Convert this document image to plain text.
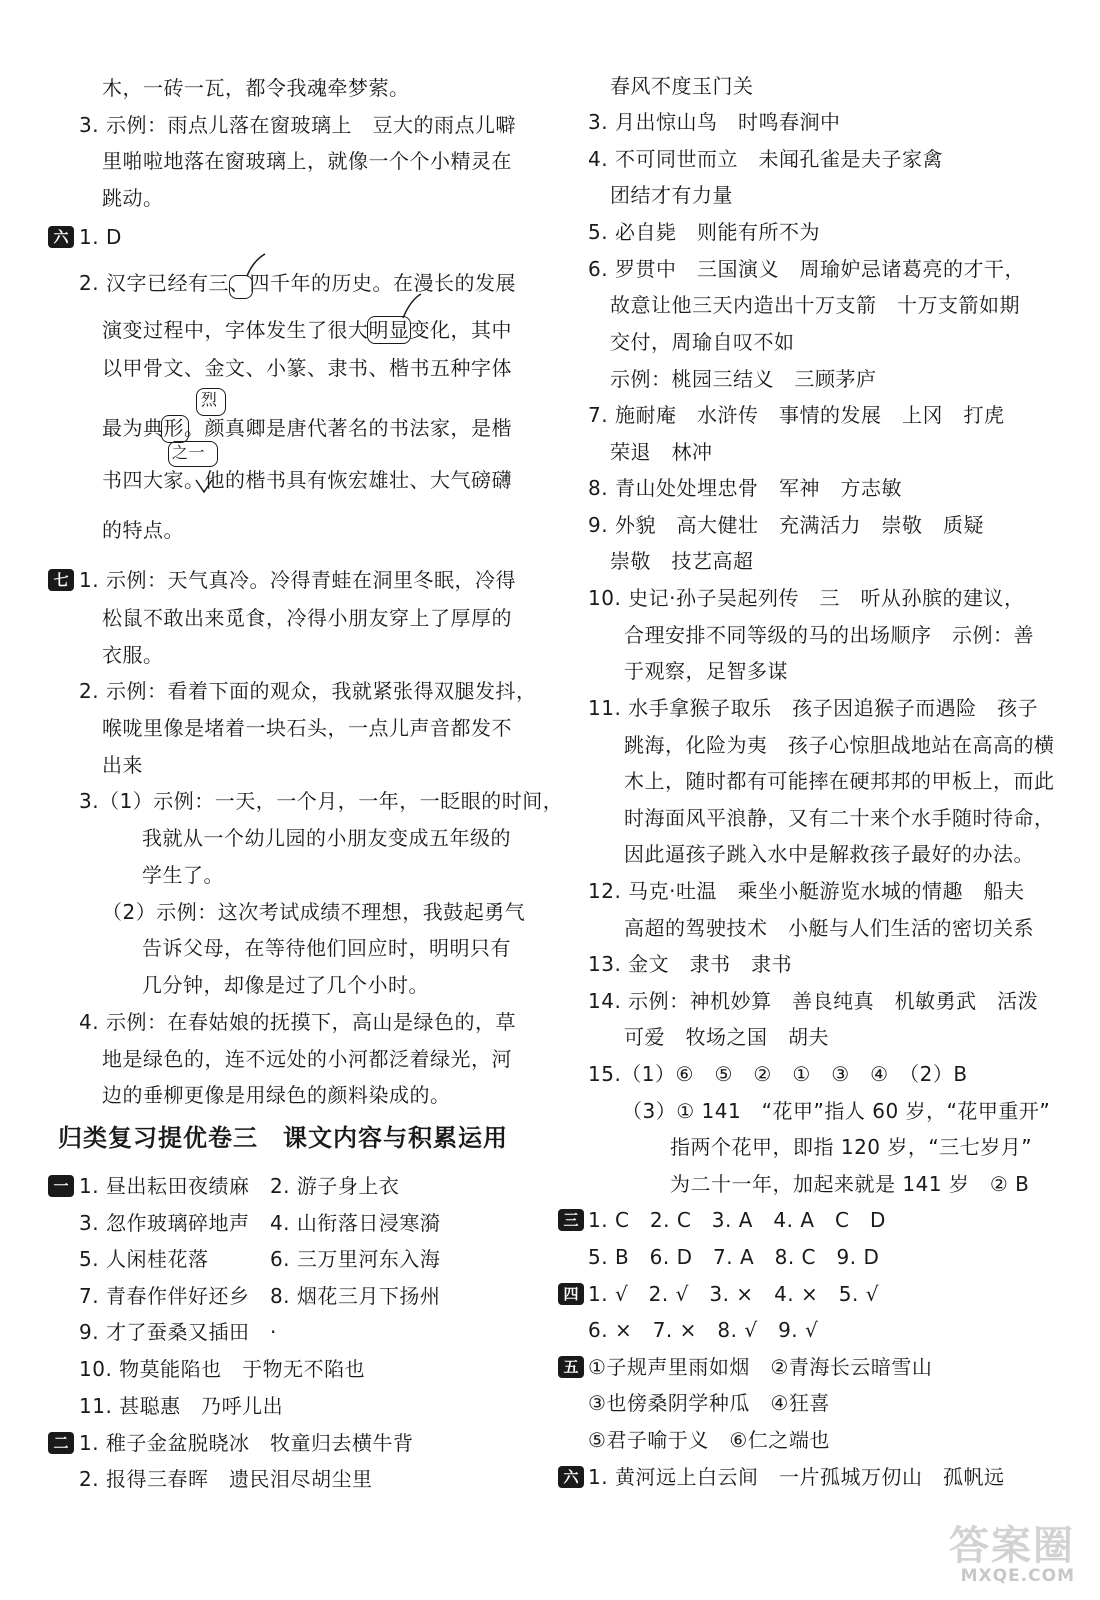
木，一砖一瓦，都令我魂牵梦萦。
3. 示例：雨点儿落在窗玻璃上　豆大的雨点儿噼
里啪啦地落在窗玻璃上，就像一个个小精灵在
跳动。
六 1. D
2. 汉字已经有三、四千年的历史。在漫长的发展
演变过程中，字体发生了很大明显变化，其中
以甲骨文、金文、小篆、隶书、楷书五种字体
最为典形。颜真卿是唐代著名的书法家，是楷
书四大家。他的楷书具有恢宏雄壮、大气磅礴
的特点。
烈
之一
七 1. 示例：天气真冷。冷得青蛙在洞里冬眠，冷得
松鼠不敢出来觅食，冷得小朋友穿上了厚厚的
衣服。
2. 示例：看着下面的观众，我就紧张得双腿发抖，
喉咙里像是堵着一块石头，一点儿声音都发不
出来
3.（1）示例：一天，一个月，一年，一眨眼的时间，
我就从一个幼儿园的小朋友变成五年级的
学生了。
（2）示例：这次考试成绩不理想，我鼓起勇气
告诉父母，在等待他们回应时，明明只有
几分钟，却像是过了几个小时。
4. 示例：在春姑娘的抚摸下，高山是绿色的，草
地是绿色的，连不远处的小河都泛着绿光，河
边的垂柳更像是用绿色的颜料染成的。
归类复习提优卷三　课文内容与积累运用
一 1. 昼出耘田夜绩麻　2. 游子身上衣
3. 忽作玻璃碎地声　4. 山衔落日浸寒漪
5. 人闲桂花落　　　6. 三万里河东入海
7. 青春作伴好还乡　8. 烟花三月下扬州
9. 才了蚕桑又插田　·
10. 物莫能陷也　于物无不陷也
11. 甚聪惠　乃呼儿出
二 1. 稚子金盆脱晓冰　牧童归去横牛背
2. 报得三春晖　遗民泪尽胡尘里
春风不度玉门关
3. 月出惊山鸟　时鸣春涧中
4. 不可同世而立　未闻孔雀是夫子家禽
团结才有力量
5. 必自毙　则能有所不为
6. 罗贯中　三国演义　周瑜妒忌诸葛亮的才干，
故意让他三天内造出十万支箭　十万支箭如期
交付，周瑜自叹不如
示例：桃园三结义　三顾茅庐
7. 施耐庵　水浒传　事情的发展　上冈　打虎
荣退　林冲
8. 青山处处埋忠骨　军神　方志敏
9. 外貌　高大健壮　充满活力　崇敬　质疑
崇敬　技艺高超
10. 史记·孙子吴起列传　三　听从孙膑的建议，
合理安排不同等级的马的出场顺序　示例：善
于观察，足智多谋
11. 水手拿猴子取乐　孩子因追猴子而遇险　孩子
跳海，化险为夷　孩子心惊胆战地站在高高的横
木上，随时都有可能摔在硬邦邦的甲板上，而此
时海面风平浪静，又有二十来个水手随时待命，
因此逼孩子跳入水中是解救孩子最好的办法。
12. 马克·吐温　乘坐小艇游览水城的情趣　船夫
高超的驾驶技术　小艇与人们生活的密切关系
13. 金文　隶书　隶书
14. 示例：神机妙算　善良纯真　机敏勇武　活泼
可爱　牧场之国　胡夫
15.（1）⑥　⑤　②　①　③　④　（2）B
（3）① 141　“花甲”指人 60 岁，“花甲重开”
指两个花甲，即指 120 岁，“三七岁月”
为二十一年，加起来就是 141 岁　② B
三 1. C　2. C　3. A　4. A　C　D
5. B　6. D　7. A　8. C　9. D
四 1. √　2. √　3. ×　4. ×　5. √
6. ×　7. ×　8. √　9. √
五 ①子规声里雨如烟　②青海长云暗雪山
③也傍桑阴学种瓜　④狂喜
⑤君子喻于义　⑥仁之端也
六 1. 黄河远上白云间　一片孤城万仞山　孤帆远
答案圈
MXQE.COM
